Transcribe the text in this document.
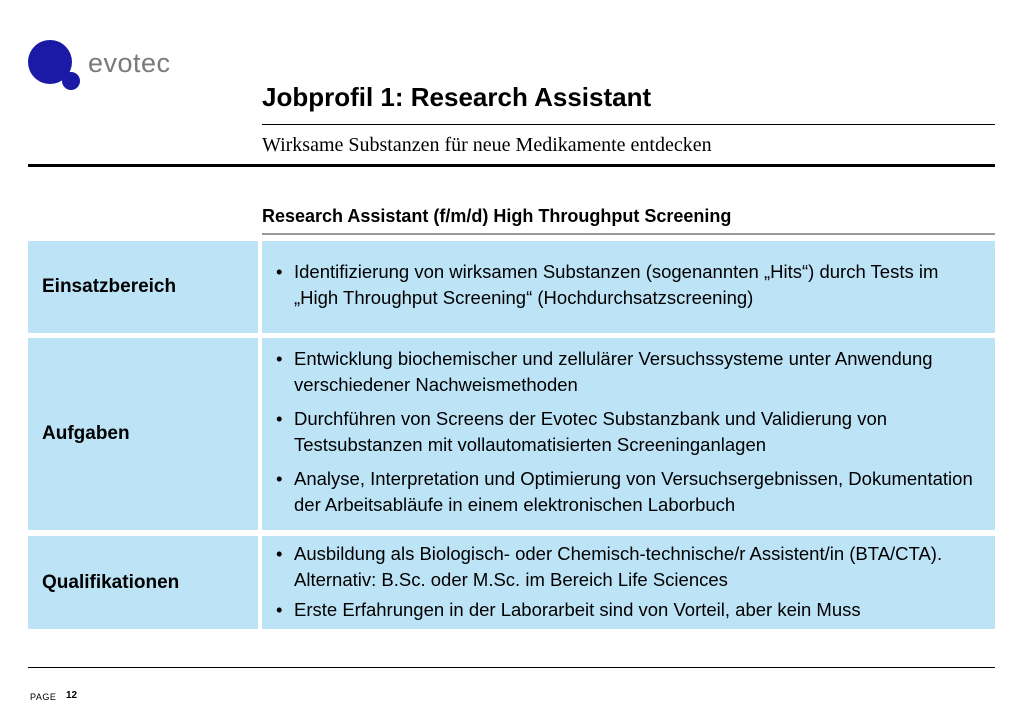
evotec
Jobprofil 1: Research Assistant
Wirksame Substanzen für neue Medikamente entdecken
Research Assistant (f/m/d) High Throughput Screening
Einsatzbereich
• Identifizierung von wirksamen Substanzen (sogenannten „Hits“) durch Tests im „High Throughput Screening“ (Hochdurchsatzscreening)
Aufgaben
• Entwicklung biochemischer und zellulärer Versuchssysteme unter Anwendung verschiedener Nachweismethoden
• Durchführen von Screens der Evotec Substanzbank und Validierung von Testsubstanzen mit vollautomatisierten Screeninganlagen
• Analyse, Interpretation und Optimierung von Versuchsergebnissen, Dokumentation der Arbeitsabläufe in einem elektronischen Laborbuch
Qualifikationen
• Ausbildung als Biologisch- oder Chemisch-technische/r Assistent/in (BTA/CTA). Alternativ: B.Sc. oder M.Sc. im Bereich Life Sciences
• Erste Erfahrungen in der Laborarbeit sind von Vorteil, aber kein Muss
PAGE 12
